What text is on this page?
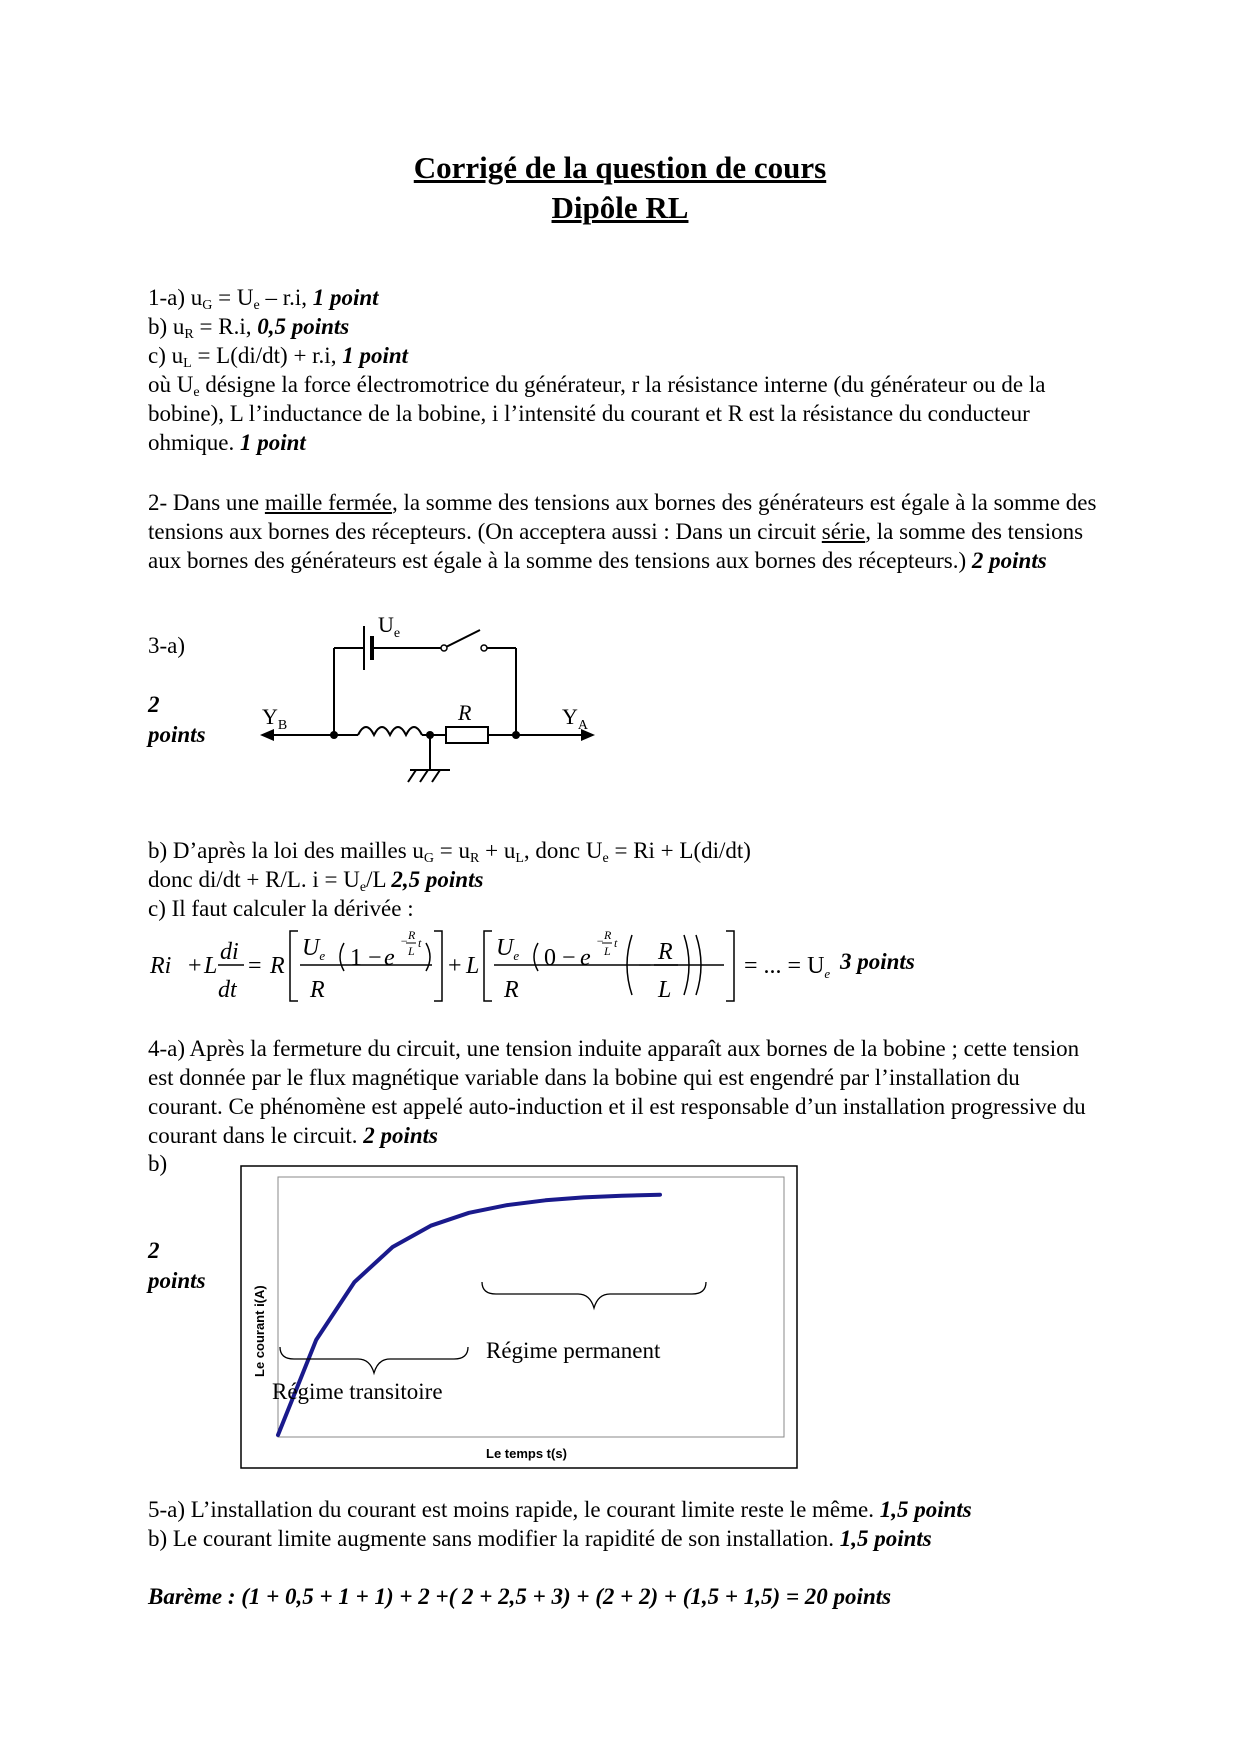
Corrigé de la question de cours
Dipôle RL
1-a) $u_G = U_e - r.i$, 1 point
b) $u_R = R.i$, 0,5 points
c) $u_L = L(di/dt) + r.i$, 1 point
où $U_e$ désigne la force électromotrice du générateur, r la résistance interne (du générateur ou de la bobine), L l’inductance de la bobine, i l’intensité du courant et R est la résistance du conducteur ohmique. 1 point
2- Dans une maille fermée, la somme des tensions aux bornes des générateurs est égale à la somme des tensions aux bornes des récepteurs. (On acceptera aussi : Dans un circuit série, la somme des tensions aux bornes des générateurs est égale à la somme des tensions aux bornes des récepteurs.) 2 points
3-a)
2
points
$U_e$
$Y_B$
R	$Y_A$
b) D’après la loi des mailles $u_G = u_R + u_L$, donc $U_e = Ri + L(di/dt)$
donc di/dt + R/L. $i = U_e/L$ 2,5 points
c) Il faut calculer la dérivée :
Ri + L
di
dt
= R
$U_e$
R
1 − e
− R
L
t
+ L
$U_e$
R
0 − e
− R
L
t
−
R
L
= ... = $U_e$ 3 points
4-a) Après la fermeture du circuit, une tension induite apparaît aux bornes de la bobine ; cette tension est donnée par le flux magnétique variable dans la bobine qui est engendré par l’installation du courant. Ce phénomène est appelé auto-induction et il est responsable d’un installation progressive du courant dans le circuit. 2 points
b)
2
points
Le courant i(A)
Le temps t(s)
Régime permanent
Régime transitoire
5-a) L’installation du courant est moins rapide, le courant limite reste le même. 1,5 points
b) Le courant limite augmente sans modifier la rapidité de son installation. 1,5 points
Barème : (1 + 0,5 + 1 + 1) + 2 +( 2 + 2,5 + 3) + (2 + 2) + (1,5 + 1,5) = 20 points
